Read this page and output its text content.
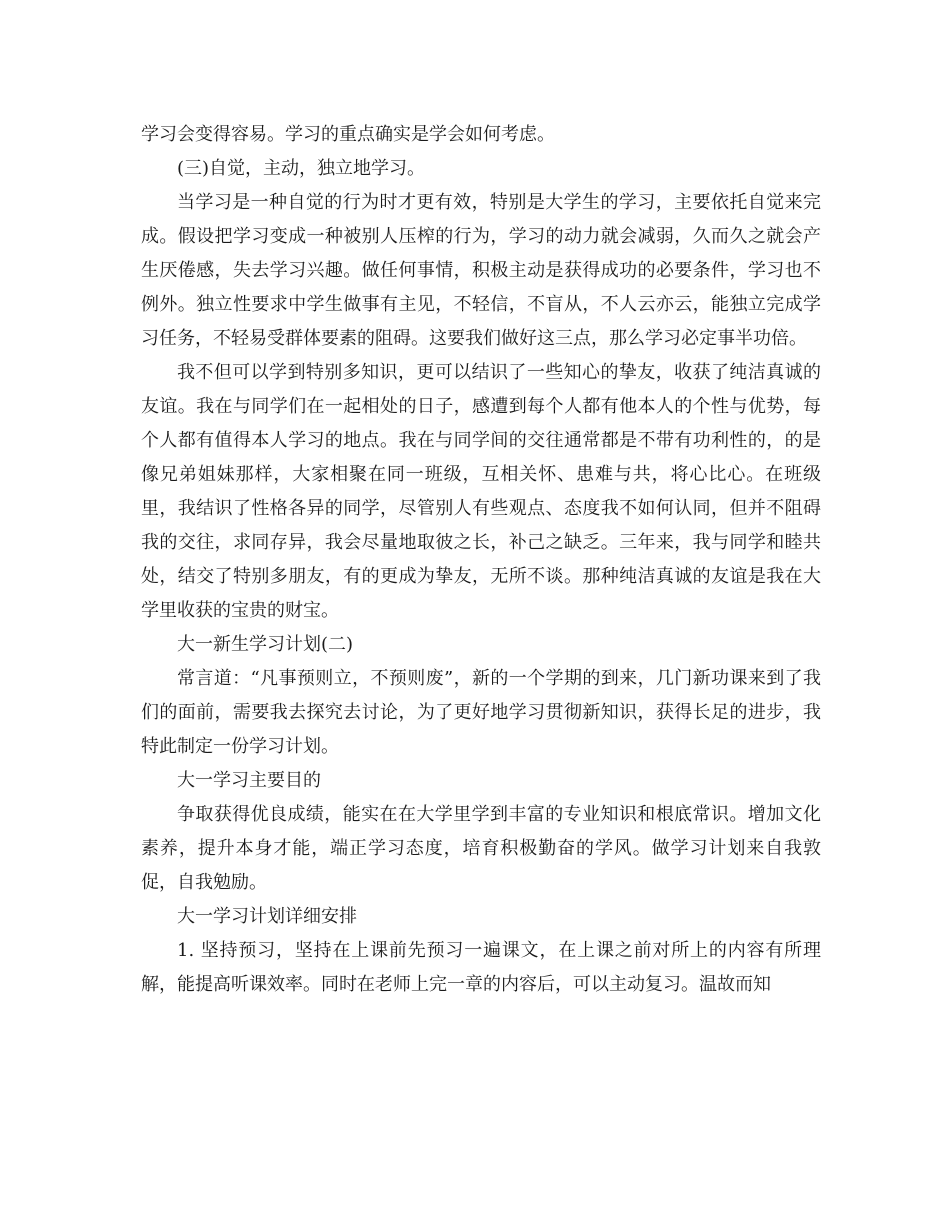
学习会变得容易。学习的重点确实是学会如何考虑。

(三)自觉，主动，独立地学习。

当学习是一种自觉的行为时才更有效，特别是大学生的学习，主要依托自觉来完成。假设把学习变成一种被别人压榨的行为，学习的动力就会减弱，久而久之就会产生厌倦感，失去学习兴趣。做任何事情，积极主动是获得成功的必要条件，学习也不例外。独立性要求中学生做事有主见，不轻信，不盲从，不人云亦云，能独立完成学习任务，不轻易受群体要素的阻碍。这要我们做好这三点，那么学习必定事半功倍。

我不但可以学到特别多知识，更可以结识了一些知心的挚友，收获了纯洁真诚的友谊。我在与同学们在一起相处的日子，感遭到每个人都有他本人的个性与优势，每个人都有值得本人学习的地点。我在与同学间的交往通常都是不带有功利性的，的是像兄弟姐妹那样，大家相聚在同一班级，互相关怀、患难与共，将心比心。在班级里，我结识了性格各异的同学，尽管别人有些观点、态度我不如何认同，但并不阻碍我的交往，求同存异，我会尽量地取彼之长，补己之缺乏。三年来，我与同学和睦共处，结交了特别多朋友，有的更成为挚友，无所不谈。那种纯洁真诚的友谊是我在大学里收获的宝贵的财宝。

大一新生学习计划(二)

常言道：“凡事预则立，不预则废”，新的一个学期的到来，几门新功课来到了我们的面前，需要我去探究去讨论，为了更好地学习贯彻新知识，获得长足的进步，我特此制定一份学习计划。

大一学习主要目的

争取获得优良成绩，能实在在大学里学到丰富的专业知识和根底常识。增加文化素养，提升本身才能，端正学习态度，培育积极勤奋的学风。做学习计划来自我敦促，自我勉励。

大一学习计划详细安排

1. 坚持预习，坚持在上课前先预习一遍课文，在上课之前对所上的内容有所理解，能提高听课效率。同时在老师上完一章的内容后，可以主动复习。温故而知
